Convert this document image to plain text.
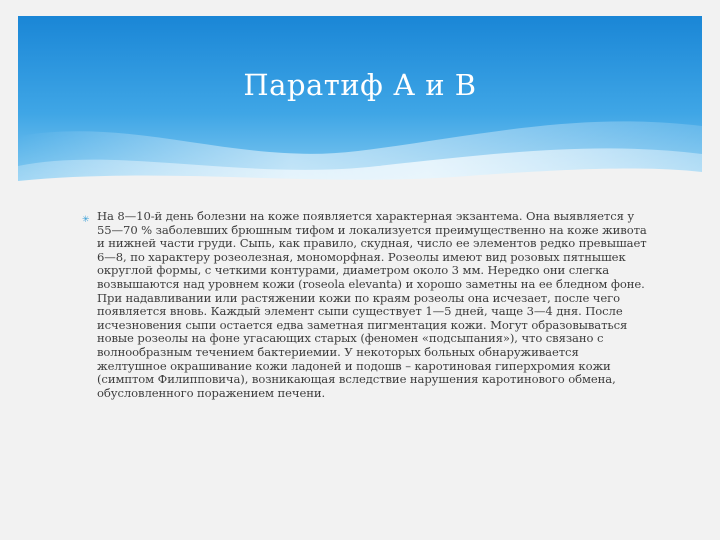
Паратиф А и В
✳ На 8—10-й день болезни на коже появляется характерная экзантема. Она выявляется у 55—70 % заболевших брюшным тифом и локализуется преимущественно на коже живота и нижней части груди. Сыпь, как правило, скудная, число ее элементов редко превышает 6—8, по характеру розеолезная, мономорфная. Розеолы имеют вид розовых пятнышек округлой формы, с четкими контурами, диаметром около 3 мм. Нередко они слегка возвышаются над уровнем кожи (roseola elevanta) и хорошо заметны на ее бледном фоне. При надавливании или растяжении кожи по краям розеолы она исчезает, после чего появляется вновь. Каждый элемент сыпи существует 1—5 дней, чаще 3—4 дня. После исчезновения сыпи остается едва заметная пигментация кожи. Могут образовываться новые розеолы на фоне угасающих старых (феномен «подсыпания»), что связано с волнообразным течением бактериемии. У некоторых больных обнаруживается желтушное окрашивание кожи ладоней и подошв – каротиновая гиперхромия кожи (симптом Филипповича), возникающая вследствие нарушения каротинового обмена, обусловленного поражением печени.
